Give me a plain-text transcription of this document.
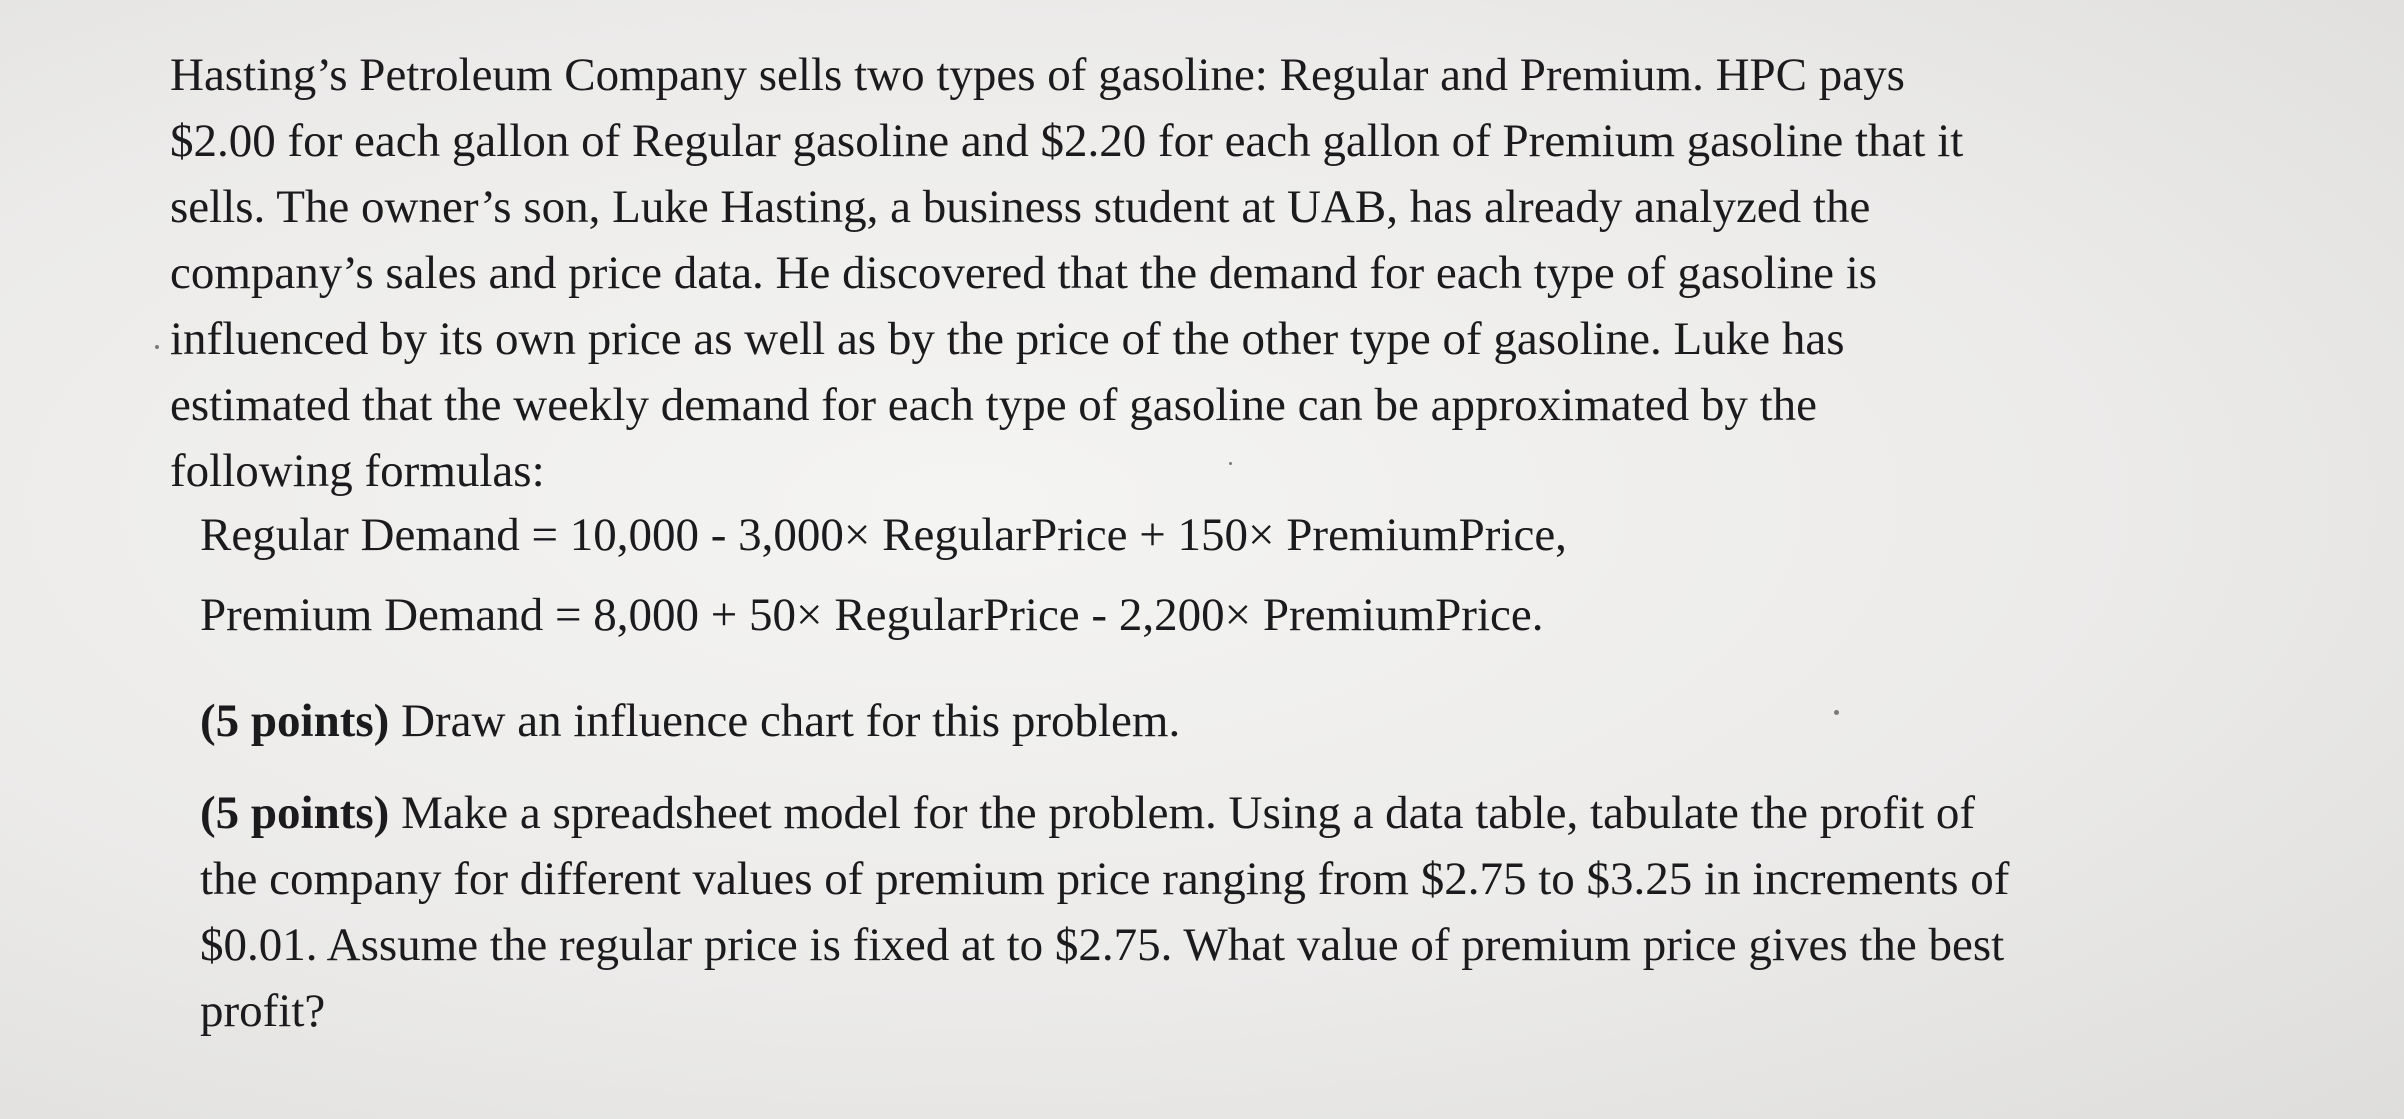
Hasting’s Petroleum Company sells two types of gasoline: Regular and Premium. HPC pays
$2.00 for each gallon of Regular gasoline and $2.20 for each gallon of Premium gasoline that it
sells. The owner’s son, Luke Hasting, a business student at UAB, has already analyzed the
company’s sales and price data. He discovered that the demand for each type of gasoline is
influenced by its own price as well as by the price of the other type of gasoline. Luke has
estimated that the weekly demand for each type of gasoline can be approximated by the
following formulas:
Regular Demand = 10,000 - 3,000× RegularPrice + 150× PremiumPrice,
Premium Demand = 8,000 + 50× RegularPrice - 2,200× PremiumPrice.
(5 points) Draw an influence chart for this problem.
(5 points) Make a spreadsheet model for the problem. Using a data table, tabulate the profit of
the company for different values of premium price ranging from $2.75 to $3.25 in increments of
$0.01. Assume the regular price is fixed at to $2.75. What value of premium price gives the best
profit?
